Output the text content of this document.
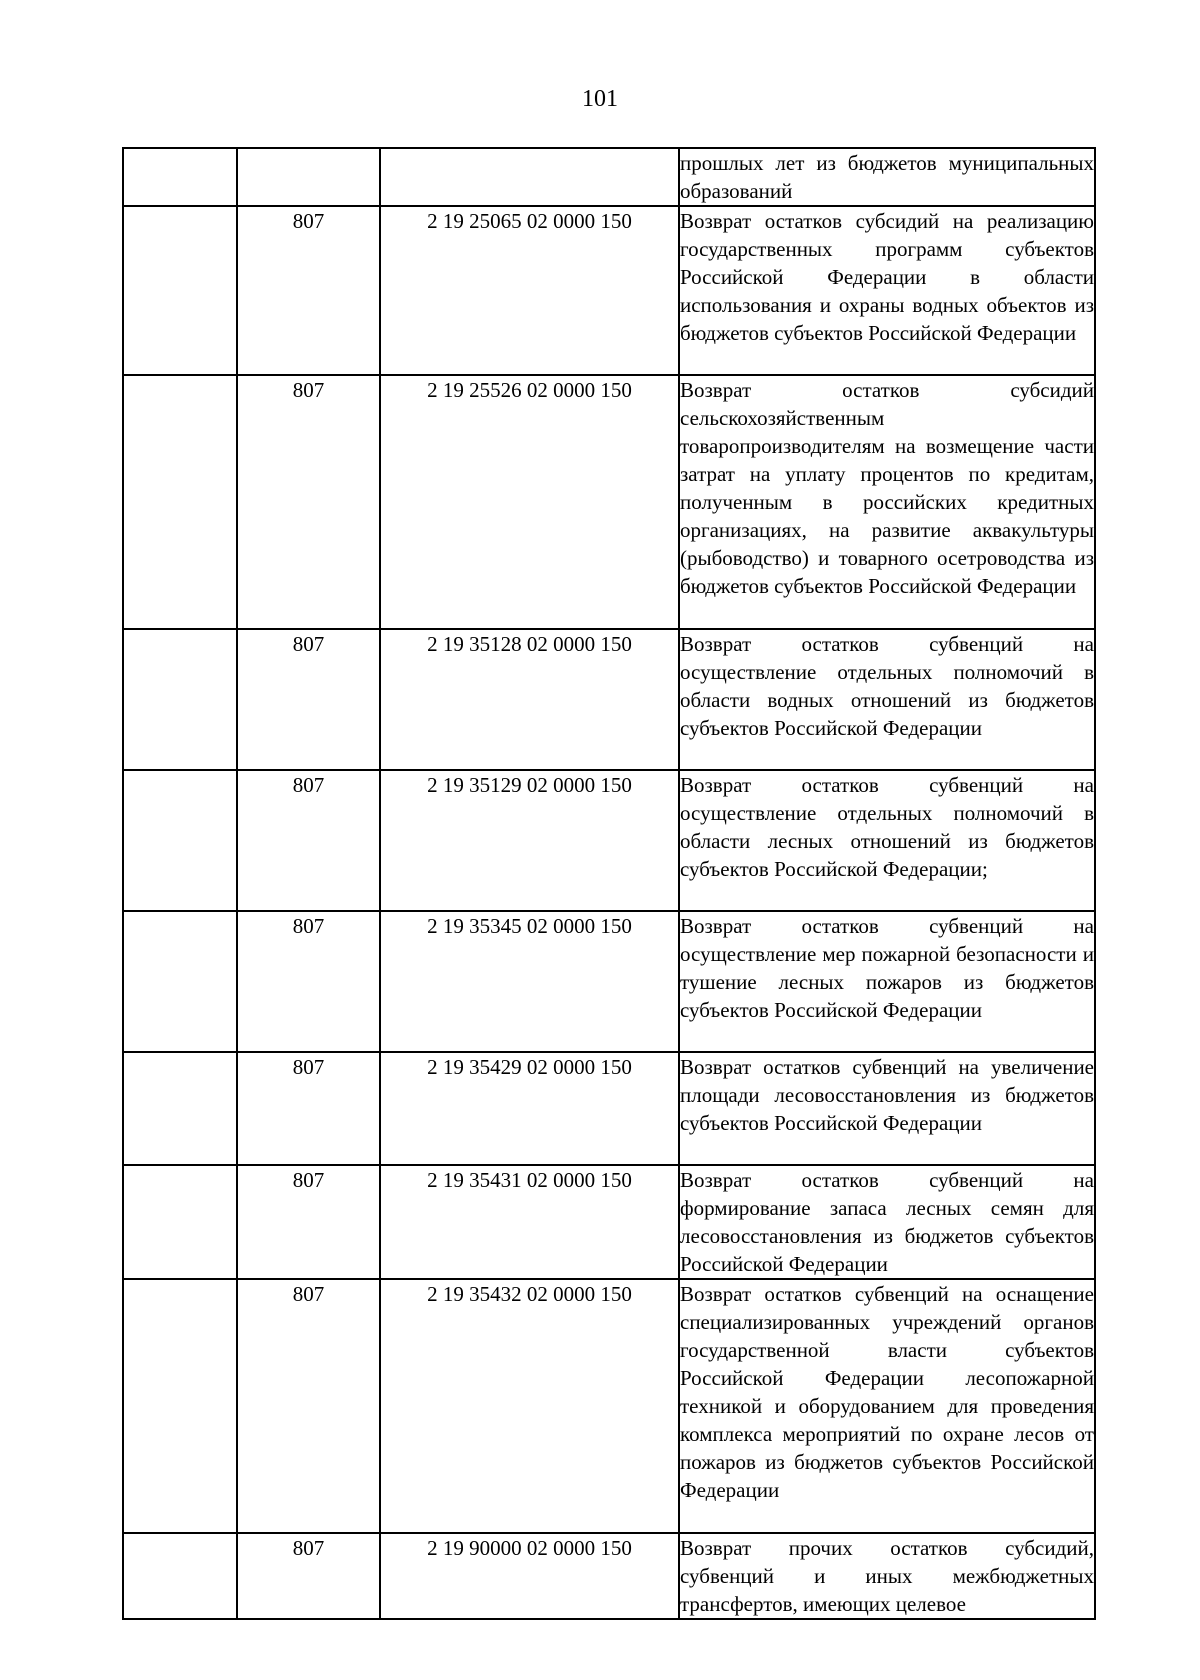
101

			прошлых лет из бюджетов муниципальных образований

	807	2 19 25065 02 0000 150	Возврат остатков субсидий на реализацию государственных программ субъектов Российской Федерации в области использования и охраны водных объектов из бюджетов субъектов Российской Федерации

	807	2 19 25526 02 0000 150	Возврат остатков субсидий сельскохозяйственным товаропроизводителям на возмещение части затрат на уплату процентов по кредитам, полученным в российских кредитных организациях, на развитие аквакультуры (рыбоводство) и товарного осетроводства из бюджетов субъектов Российской Федерации

	807	2 19 35128 02 0000 150	Возврат остатков субвенций на осуществление отдельных полномочий в области водных отношений из бюджетов субъектов Российской Федерации

	807	2 19 35129 02 0000 150	Возврат остатков субвенций на осуществление отдельных полномочий в области лесных отношений из бюджетов субъектов Российской Федерации;

	807	2 19 35345 02 0000 150	Возврат остатков субвенций на осуществление мер пожарной безопасности и тушение лесных пожаров из бюджетов субъектов Российской Федерации

	807	2 19 35429 02 0000 150	Возврат остатков субвенций на увеличение площади лесовосстановления из бюджетов субъектов Российской Федерации

	807	2 19 35431 02 0000 150	Возврат остатков субвенций на формирование запаса лесных семян для лесовосстановления из бюджетов субъектов Российской Федерации

	807	2 19 35432 02 0000 150	Возврат остатков субвенций на оснащение специализированных учреждений органов государственной власти субъектов Российской Федерации лесопожарной техникой и оборудованием для проведения комплекса мероприятий по охране лесов от пожаров из бюджетов субъектов Российской Федерации

	807	2 19 90000 02 0000 150	Возврат прочих остатков субсидий, субвенций и иных межбюджетных трансфертов, имеющих целевое
